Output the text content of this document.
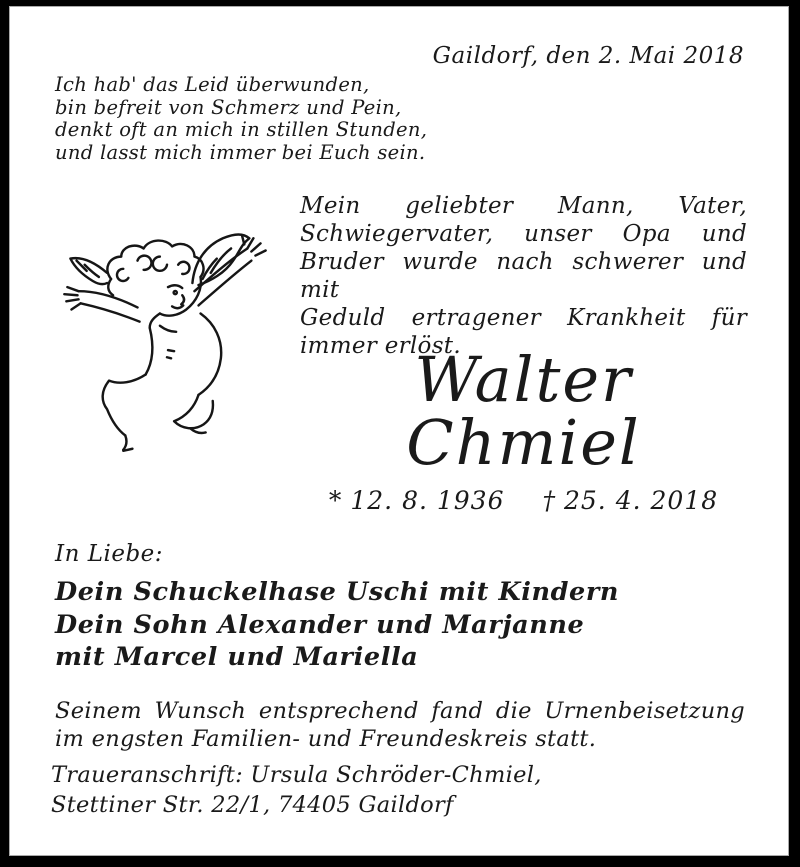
Gaildorf, den 2. Mai 2018
Ich hab' das Leid überwunden,
bin befreit von Schmerz und Pein,
denkt oft an mich in stillen Stunden,
und lasst mich immer bei Euch sein.
Mein geliebter Mann, Vater,
Schwiegervater, unser Opa und
Bruder wurde nach schwerer und mit
Geduld ertragener Krankheit für
immer erlöst.
Walter
Chmiel
* 12. 8. 1936 † 25. 4. 2018
In Liebe:
Dein Schuckelhase Uschi mit Kindern
Dein Sohn Alexander und Marjanne
mit Marcel und Mariella
Seinem Wunsch entsprechend fand die Urnenbeisetzung
im engsten Familien- und Freundeskreis statt.
Traueranschrift: Ursula Schröder-Chmiel,
Stettiner Str. 22/1, 74405 Gaildorf
